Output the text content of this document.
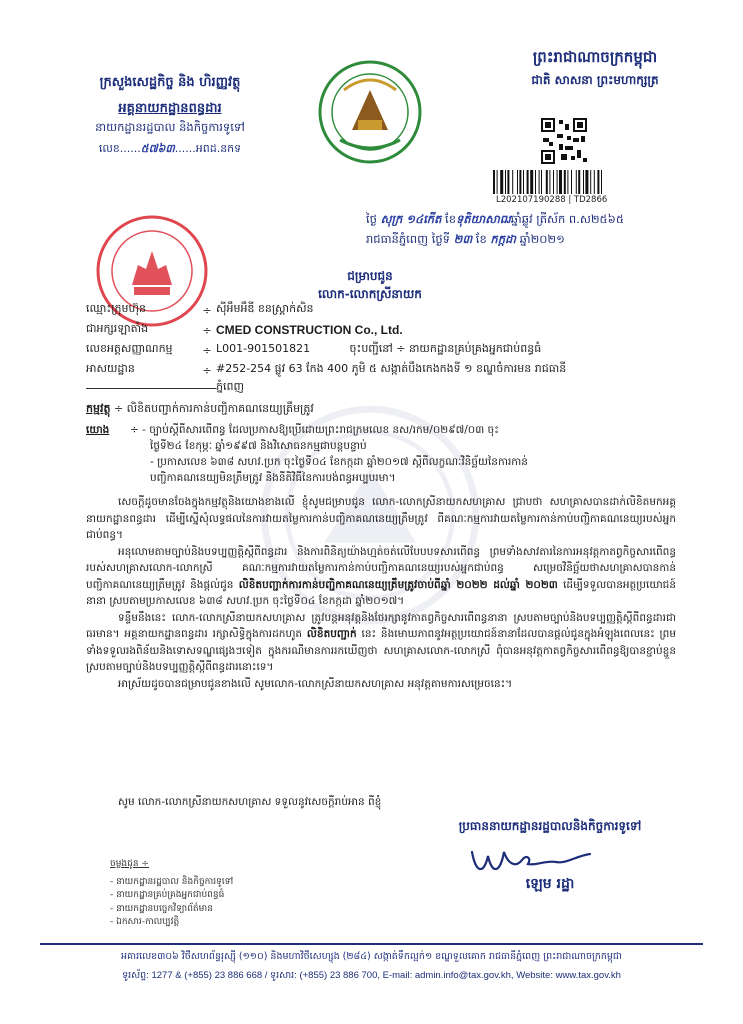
ក្រសួងសេដ្ឋកិច្ច និង ហិរញ្ញវត្ថុ
អគ្គនាយកដ្ឋានពន្ធដារ
នាយកដ្ឋានរដ្ឋបាល និងកិច្ចការទូទៅ
លេខ......៥៧៦៣......អពដ.នកទ
ព្រះរាជាណាចក្រកម្ពុជា
ជាតិ សាសនា ព្រះមហាក្សត្រ
L202107190288 | TD2866
ថ្ងៃ សុក្រ ១៤កើត ខែទុតិយាសាឍឆ្នាំឆ្លូវ ត្រីស័ក ព.ស២៥៦៥
រាជធានីភ្នំពេញ ថ្ងៃទី ២៣ ខែ កក្កដា ឆ្នាំ២០២១
ជម្រាបជូន
លោក-លោកស្រីនាយក
ឈ្មោះក្រុមហ៊ុន	÷ ស៊ីអឹមអឹឌី ខនស្ត្រាក់សិន
ជាអក្សរឡាតាំង	÷ CMED CONSTRUCTION Co., Ltd.
លេខអត្តសញ្ញាណកម្ម	÷ L001-901501821	ចុះបញ្ជីនៅ ÷ នាយកដ្ឋានគ្រប់គ្រងអ្នកជាប់ពន្ធធំ
អាសយដ្ឋាន	÷ #252-254 ផ្លូវ 63 កែង 400 ភូមិ ៥ សង្កាត់បឹងកេងកងទី ១ ខណ្ឌចំការមន រាជធានី
ភ្នំពេញ
កម្មវត្ថុ ÷ លិខិតបញ្ជាក់ការកាន់បញ្ជិកាគណនេយ្យត្រឹមត្រូវ
យោង ÷ - ច្បាប់ស្តីពីសារពើពន្ធ ដែលប្រកាសឱ្យប្រើដោយព្រះរាជក្រមលេខ នស/រកម/០២៩៧/០៣ ចុះ
ថ្ងៃទី២៤ ខែកុម្ភៈ ឆ្នាំ១៩៩៧ និងវិសោធនកម្មជាបន្តបន្ទាប់
- ប្រកាសលេខ ៦៣៨ សហវ.ប្រក ចុះថ្ងៃទី០៤ ខែកក្កដា ឆ្នាំ២០១៧ ស្តីពីលក្ខណៈវិនិច្ឆ័យនៃការកាន់
បញ្ជិកាគណនេយ្យមិនត្រឹមត្រូវ និងនីតិវិធីនៃការបង់ពន្ធអប្បបរមា។

សេចក្តីដូចមានចែងក្នុងកម្មវត្ថុនិងយោងខាងលើ ខ្ញុំសូមជម្រាបជូន លោក-លោកស្រីនាយកសហគ្រាស ជ្រាបថា សហគ្រាសបានដាក់លិខិតមកអគ្គនាយកដ្ឋានពន្ធដារ ដើម្បីស្នើសុំលទ្ធផលនៃការវាយតម្លៃការកាន់បញ្ជិកាគណនេយ្យត្រឹមត្រូវ ពីគណៈកម្មការវាយតម្លៃការកាន់កាប់បញ្ជិកាគណនេយ្យរបស់អ្នកជាប់ពន្ធ។

អនុលោមតាមច្បាប់និងបទប្បញ្ញត្តិស្តីពីពន្ធដារ និងការពិនិត្យយ៉ាងហ្មត់ចត់លើបែបបទសារពើពន្ធ ព្រមទាំងសាវតារនៃការអនុវត្តកាតព្វកិច្ចសារពើពន្ធរបស់សហគ្រាសលោក-លោកស្រី គណៈកម្មការវាយតម្លៃការកាន់កាប់បញ្ជិកាគណនេយ្យរបស់អ្នកជាប់ពន្ធ សម្រេចវិនិច្ឆ័យថាសហគ្រាសបានកាន់បញ្ជិកាគណនេយ្យត្រឹមត្រូវ និងផ្តល់ជូន លិខិតបញ្ជាក់ការកាន់បញ្ជិកាគណនេយ្យត្រឹមត្រូវចាប់ពីឆ្នាំ ២០២២ ដល់ឆ្នាំ ២០២៣ ដើម្បីទទួលបានអត្ថប្រយោជន៍នានា ស្របតាមប្រកាសលេខ ៦៣៨ សហវ.ប្រក ចុះថ្ងៃទី០៤ ខែកក្កដា ឆ្នាំ២០១៧។

ទន្ទឹមនឹងនេះ លោក-លោកស្រីនាយកសហគ្រាស ត្រូវបន្តអនុវត្តនិងថែរក្សានូវកាតព្វកិច្ចសារពើពន្ធនានា ស្របតាមច្បាប់និងបទប្បញ្ញត្តិស្តីពីពន្ធដារជាធរមាន។ អគ្គនាយកដ្ឋានពន្ធដារ រក្សាសិទ្ធិក្នុងការដកហូត លិខិតបញ្ជាក់ នេះ និងមោឃភាពនូវអត្ថប្រយោជន៍នានាដែលបានផ្តល់ជូនក្នុងអំឡុងពេលនេះ ព្រមទាំងទទួលរងពិន័យនិងទោសទណ្ឌផ្សេងៗទៀត ក្នុងករណីមានការរកឃើញថា សហគ្រាសលោក-លោកស្រី ពុំបានអនុវត្តកាតព្វកិច្ចសារពើពន្ធឱ្យបានខ្ជាប់ខ្ជួនស្របតាមច្បាប់និងបទប្បញ្ញត្តិស្តីពីពន្ធដារនោះទេ។

អាស្រ័យដូចបានជម្រាបជូនខាងលើ សូមលោក-លោកស្រីនាយកសហគ្រាស អនុវត្តតាមការសម្រេចនេះ។

សូម លោក-លោកស្រីនាយកសហគ្រាស ទទួលនូវសេចក្តីរាប់អាន ពីខ្ញុំ
ប្រធាននាយកដ្ឋានរដ្ឋបាលនិងកិច្ចការទូទៅ
ឡេម រដ្ឋា
ចម្លងជូន ÷
- នាយកដ្ឋានរដ្ឋបាល និងកិច្ចការទូទៅ
- នាយកដ្ឋានគ្រប់គ្រងអ្នកជាប់ពន្ធធំ
- នាយកដ្ឋានបច្ចេកវិទ្យាព័ត៌មាន
- ឯកសារ-កាលប្បវត្តិ
អគារលេខ៣០៦ វិថីសហព័ន្ធរុស្ស៊ី (១១០) និងមហាវិថីសេហ្សុង (២៨៤) សង្កាត់ទឹកល្អក់១ ខណ្ឌទួលគោក រាជធានីភ្នំពេញ ព្រះរាជាណាចក្រកម្ពុជា
ទូរស័ព្ទ: 1277 & (+855) 23 886 668 / ទូរសារ: (+855) 23 886 700, E-mail: admin.info@tax.gov.kh, Website: www.tax.gov.kh
